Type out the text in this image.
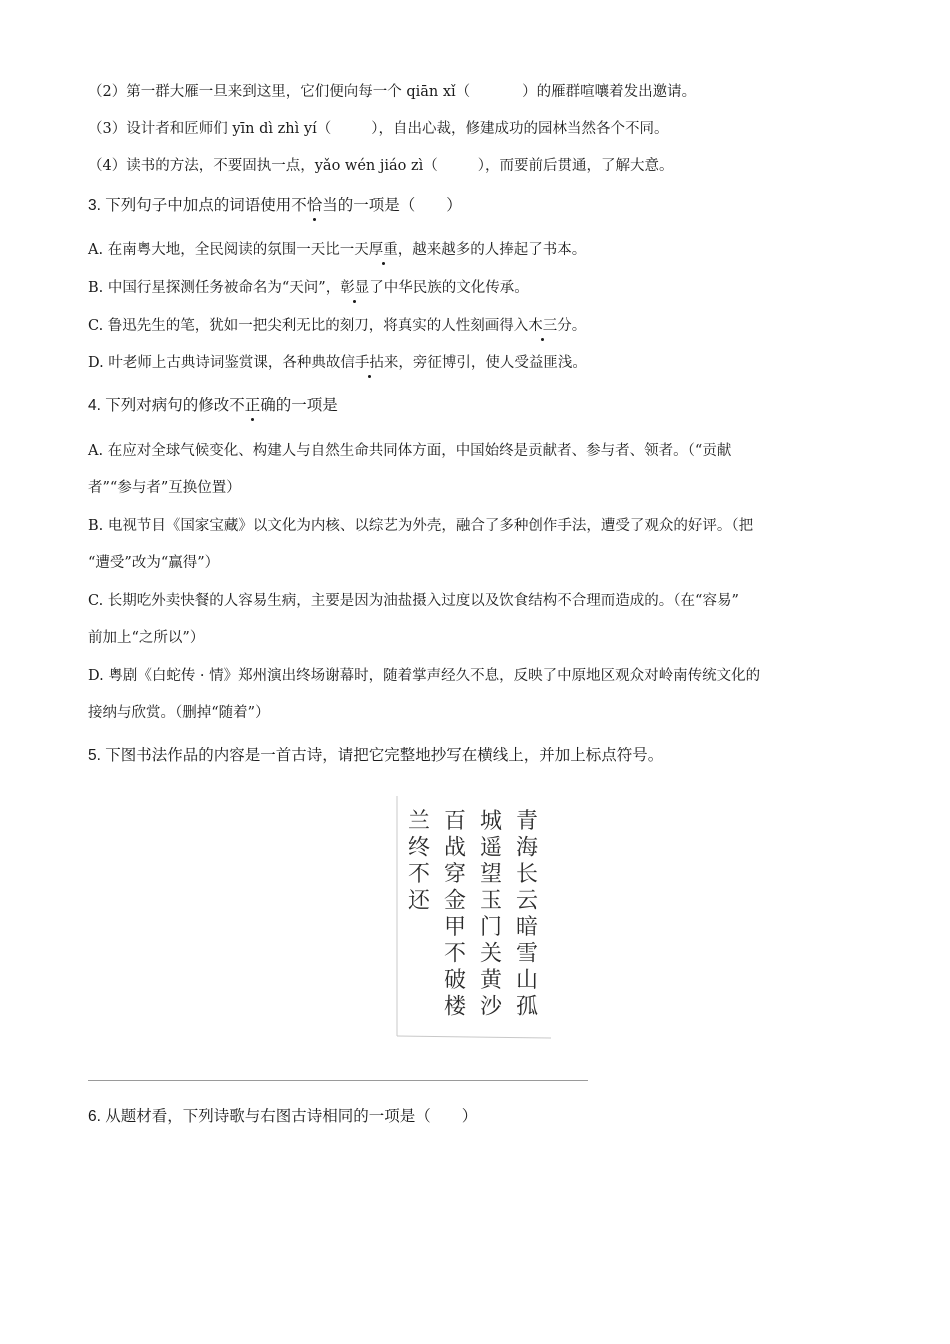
（2）第一群大雁一旦来到这里，它们便向每一个 qiān xǐ（	）的雁群喧嚷着发出邀请。
（3）设计者和匠师们 yīn dì zhì yí（	），自出心裁，修建成功的园林当然各个不同。
（4）读书的方法，不要固执一点，yǎo wén jiáo zì（	），而要前后贯通，了解大意。
3. 下列句子中加点的词语使用不恰当的一项是（　　）
A. 在南粤大地，全民阅读的氛围一天比一天厚重，越来越多的人捧起了书本。
B. 中国行星探测任务被命名为“天问”，彰显了中华民族的文化传承。
C. 鲁迅先生的笔，犹如一把尖利无比的刻刀，将真实的人性刻画得入木三分。
D. 叶老师上古典诗词鉴赏课，各种典故信手拈来，旁征博引，使人受益匪浅。
4. 下列对病句的修改不正确的一项是
A. 在应对全球气候变化、构建人与自然生命共同体方面，中国始终是贡献者、参与者、领者。（“贡献
者”“参与者”互换位置）
B. 电视节目《国家宝藏》以文化为内核、以综艺为外壳，融合了多种创作手法，遭受了观众的好评。（把
“遭受”改为“赢得”）
C. 长期吃外卖快餐的人容易生病，主要是因为油盐摄入过度以及饮食结构不合理而造成的。（在“容易”
前加上“之所以”）
D. 粤剧《白蛇传 · 情》郑州演出终场谢幕时，随着掌声经久不息，反映了中原地区观众对岭南传统文化的
接纳与欣赏。（删掉“随着”）
5. 下图书法作品的内容是一首古诗，请把它完整地抄写在横线上，并加上标点符号。
青
海
长
云
暗
雪
山
孤
城
遥
望
玉
门
关
黄
沙
百
战
穿
金
甲
不
破
楼
兰
终
不
还
6. 从题材看，下列诗歌与右图古诗相同的一项是（　　）
